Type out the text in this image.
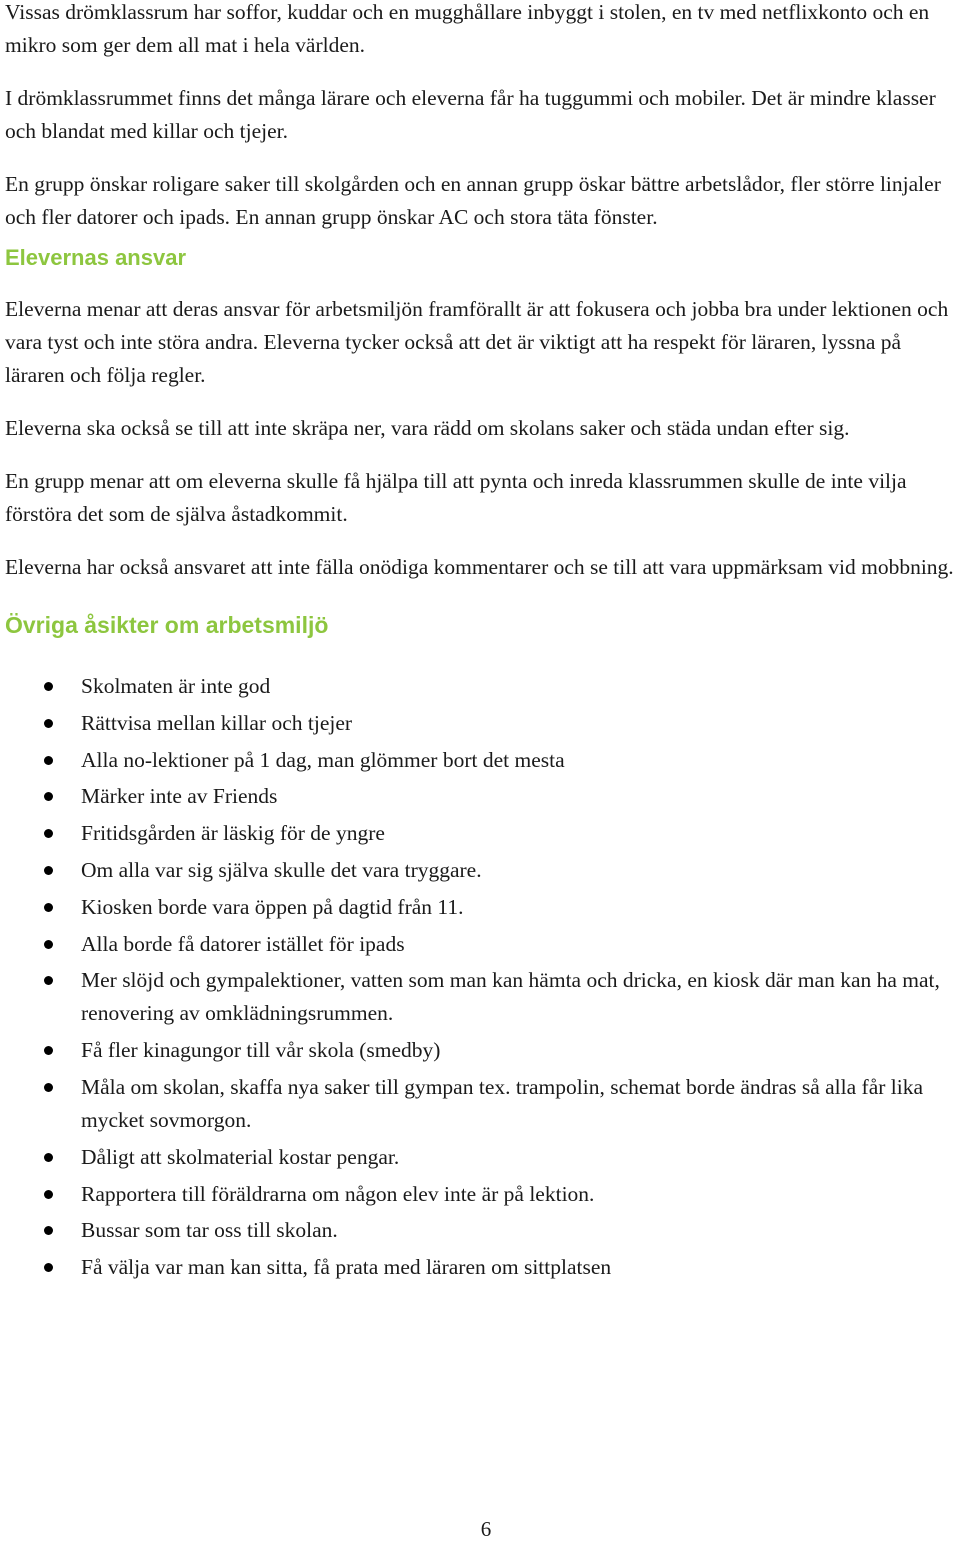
Vissas drömklassrum har soffor, kuddar och en mugghållare inbyggt i stolen, en tv med netflixkonto och en mikro som ger dem all mat i hela världen.

I drömklassrummet finns det många lärare och eleverna får ha tuggummi och mobiler. Det är mindre klasser och blandat med killar och tjejer.

En grupp önskar roligare saker till skolgården och en annan grupp öskar bättre arbetslådor, fler större linjaler och fler datorer och ipads. En annan grupp önskar AC och stora täta fönster.

Elevernas ansvar

Eleverna menar att deras ansvar för arbetsmiljön framförallt är att fokusera och jobba bra under lektionen och vara tyst och inte störa andra. Eleverna tycker också att det är viktigt att ha respekt för läraren, lyssna på läraren och följa regler.

Eleverna ska också se till att inte skräpa ner, vara rädd om skolans saker och städa undan efter sig.

En grupp menar att om eleverna skulle få hjälpa till att pynta och inreda klassrummen skulle de inte vilja förstöra det som de själva åstadkommit.

Eleverna har också ansvaret att inte fälla onödiga kommentarer och se till att vara uppmärksam vid mobbning.

Övriga åsikter om arbetsmiljö
Skolmaten är inte god
Rättvisa mellan killar och tjejer
Alla no-lektioner på 1 dag, man glömmer bort det mesta
Märker inte av Friends
Fritidsgården är läskig för de yngre
Om alla var sig själva skulle det vara tryggare.
Kiosken borde vara öppen på dagtid från 11.
Alla borde få datorer istället för ipads
Mer slöjd och gympalektioner, vatten som man kan hämta och dricka, en kiosk där man kan ha mat, renovering av omklädningsrummen.
Få fler kinagungor till vår skola (smedby)
Måla om skolan, skaffa nya saker till gympan tex. trampolin, schemat borde ändras så alla får lika mycket sovmorgon.
Dåligt att skolmaterial kostar pengar.
Rapportera till föräldrarna om någon elev inte är på lektion.
Bussar som tar oss till skolan.
Få välja var man kan sitta, få prata med läraren om sittplatsen
6
